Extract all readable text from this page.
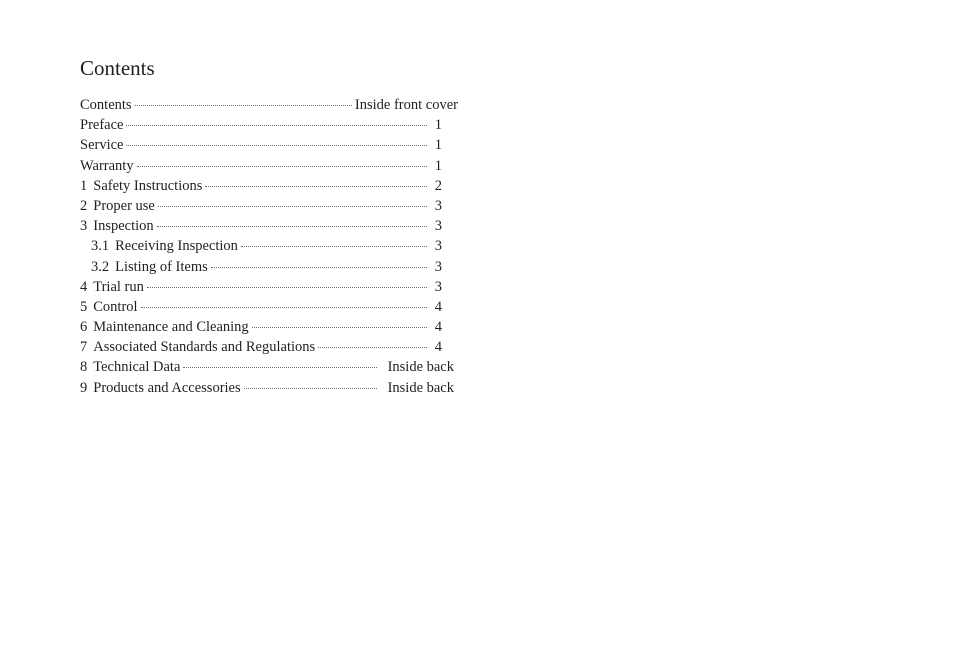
Contents
Contents	Inside front cover
Preface	1
Service	1
Warranty	1
1 Safety Instructions	2
2 Proper use	3
3 Inspection	3
3.1 Receiving Inspection	3
3.2 Listing of Items	3
4 Trial run	3
5 Control	4
6 Maintenance and Cleaning	4
7 Associated Standards and Regulations	4
8 Technical Data	Inside back
9 Products and Accessories	Inside back
